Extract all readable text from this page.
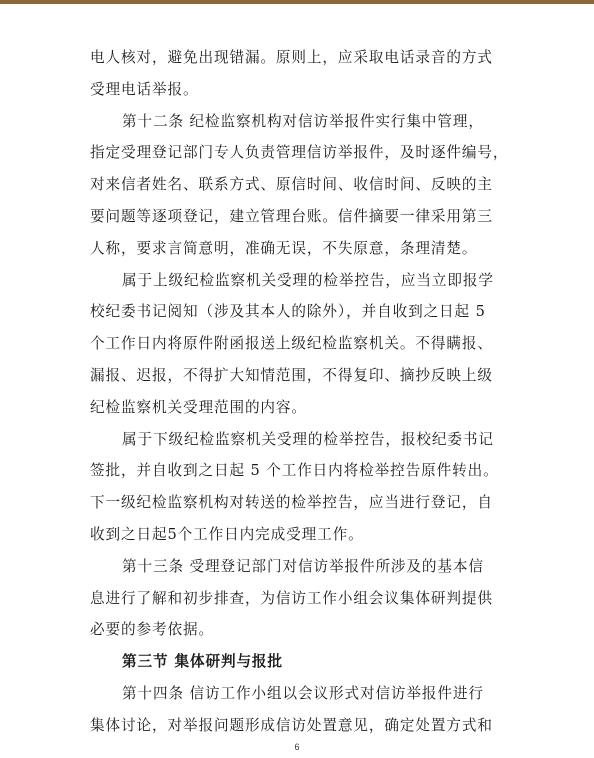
电人核对，避免出现错漏。原则上，应采取电话录音的方式
受理电话举报。
第十二条 纪检监察机构对信访举报件实行集中管理，
指定受理登记部门专人负责管理信访举报件，及时逐件编号，
对来信者姓名、联系方式、原信时间、收信时间、反映的主
要问题等逐项登记，建立管理台账。信件摘要一律采用第三
人称，要求言简意明，准确无误，不失原意，条理清楚。
属于上级纪检监察机关受理的检举控告，应当立即报学
校纪委书记阅知（涉及其本人的除外），并自收到之日起 5
个工作日内将原件附函报送上级纪检监察机关。不得瞒报、
漏报、迟报，不得扩大知情范围，不得复印、摘抄反映上级
纪检监察机关受理范围的内容。
属于下级纪检监察机关受理的检举控告，报校纪委书记
签批，并自收到之日起 5 个工作日内将检举控告原件转出。
下一级纪检监察机构对转送的检举控告，应当进行登记，自
收到之日起5个工作日内完成受理工作。
第十三条 受理登记部门对信访举报件所涉及的基本信
息进行了解和初步排查，为信访工作小组会议集体研判提供
必要的参考依据。
第三节 集体研判与报批
第十四条 信访工作小组以会议形式对信访举报件进行
集体讨论，对举报问题形成信访处置意见，确定处置方式和
6
